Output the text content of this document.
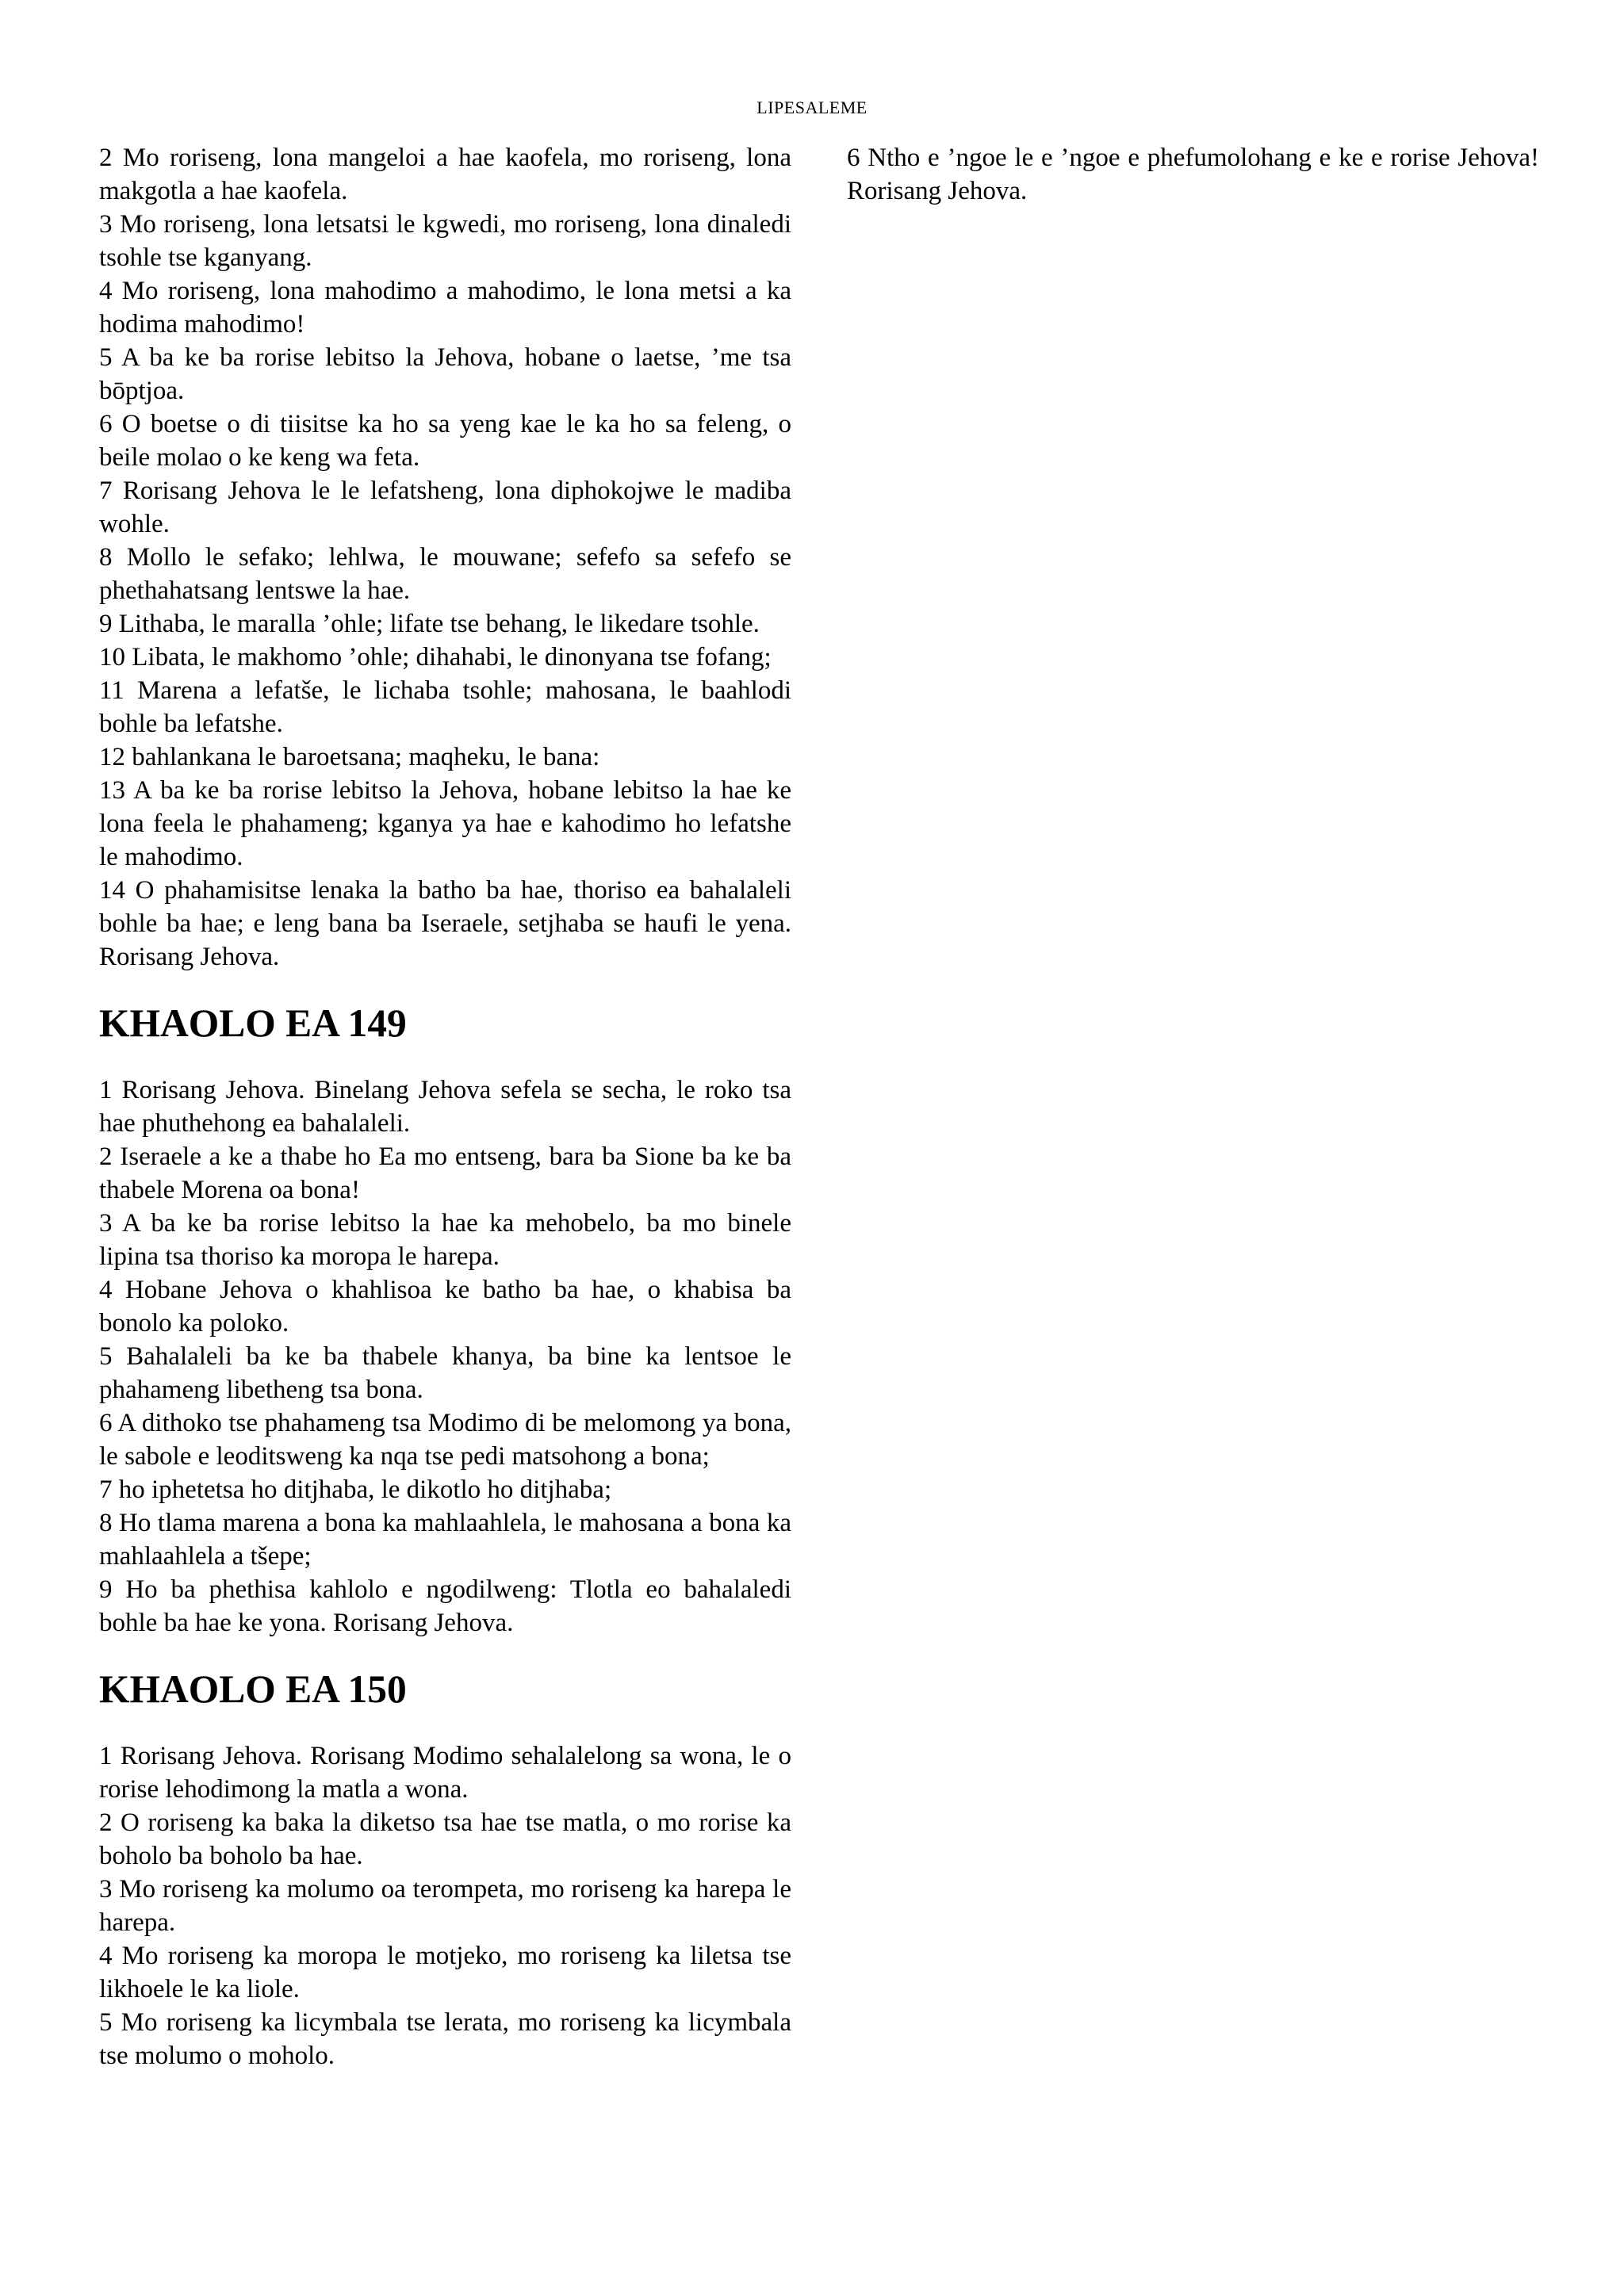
LIPESALEME

2 Mo roriseng, lona mangeloi a hae kaofela, mo roriseng, lona makgotla a hae kaofela.

3 Mo roriseng, lona letsatsi le kgwedi, mo roriseng, lona dinaledi tsohle tse kganyang.

4 Mo roriseng, lona mahodimo a mahodimo, le lona metsi a ka hodima mahodimo!

5 A ba ke ba rorise lebitso la Jehova, hobane o laetse, ’me tsa bōptjoa.

6 O boetse o di tiisitse ka ho sa yeng kae le ka ho sa feleng, o beile molao o ke keng wa feta.

7 Rorisang Jehova le le lefatsheng, lona diphokojwe le madiba wohle.

8 Mollo le sefako; lehlwa, le mouwane; sefefo sa sefefo se phethahatsang lentswe la hae.

9 Lithaba, le maralla ’ohle; lifate tse behang, le likedare tsohle.

10 Libata, le makhomo ’ohle; dihahabi, le dinonyana tse fofang;

11 Marena a lefatše, le lichaba tsohle; mahosana, le baahlodi bohle ba lefatshe.

12 bahlankana le baroetsana; maqheku, le bana:

13 A ba ke ba rorise lebitso la Jehova, hobane lebitso la hae ke lona feela le phahameng; kganya ya hae e kahodimo ho lefatshe le mahodimo.

14 O phahamisitse lenaka la batho ba hae, thoriso ea bahalaleli bohle ba hae; e leng bana ba Iseraele, setjhaba se haufi le yena. Rorisang Jehova.

KHAOLO EA 149

1 Rorisang Jehova. Binelang Jehova sefela se secha, le roko tsa hae phuthehong ea bahalaleli.

2 Iseraele a ke a thabe ho Ea mo entseng, bara ba Sione ba ke ba thabele Morena oa bona!

3 A ba ke ba rorise lebitso la hae ka mehobelo, ba mo binele lipina tsa thoriso ka moropa le harepa.

4 Hobane Jehova o khahlisoa ke batho ba hae, o khabisa ba bonolo ka poloko.

5 Bahalaleli ba ke ba thabele khanya, ba bine ka lentsoe le phahameng libetheng tsa bona.

6 A dithoko tse phahameng tsa Modimo di be melomong ya bona, le sabole e leoditsweng ka nqa tse pedi matsohong a bona;

7 ho iphetetsa ho ditjhaba, le dikotlo ho ditjhaba;

8 Ho tlama marena a bona ka mahlaahlela, le mahosana a bona ka mahlaahlela a tšepe;

9 Ho ba phethisa kahlolo e ngodilweng: Tlotla eo bahalaledi bohle ba hae ke yona. Rorisang Jehova.

KHAOLO EA 150

1 Rorisang Jehova. Rorisang Modimo sehalalelong sa wona, le o rorise lehodimong la matla a wona.

2 O roriseng ka baka la diketso tsa hae tse matla, o mo rorise ka boholo ba boholo ba hae.

3 Mo roriseng ka molumo oa terompeta, mo roriseng ka harepa le harepa.

4 Mo roriseng ka moropa le motjeko, mo roriseng ka liletsa tse likhoele le ka liole.

5 Mo roriseng ka licymbala tse lerata, mo roriseng ka licymbala tse molumo o moholo.

6 Ntho e ’ngoe le e ’ngoe e phefumolohang e ke e rorise Jehova! Rorisang Jehova.
